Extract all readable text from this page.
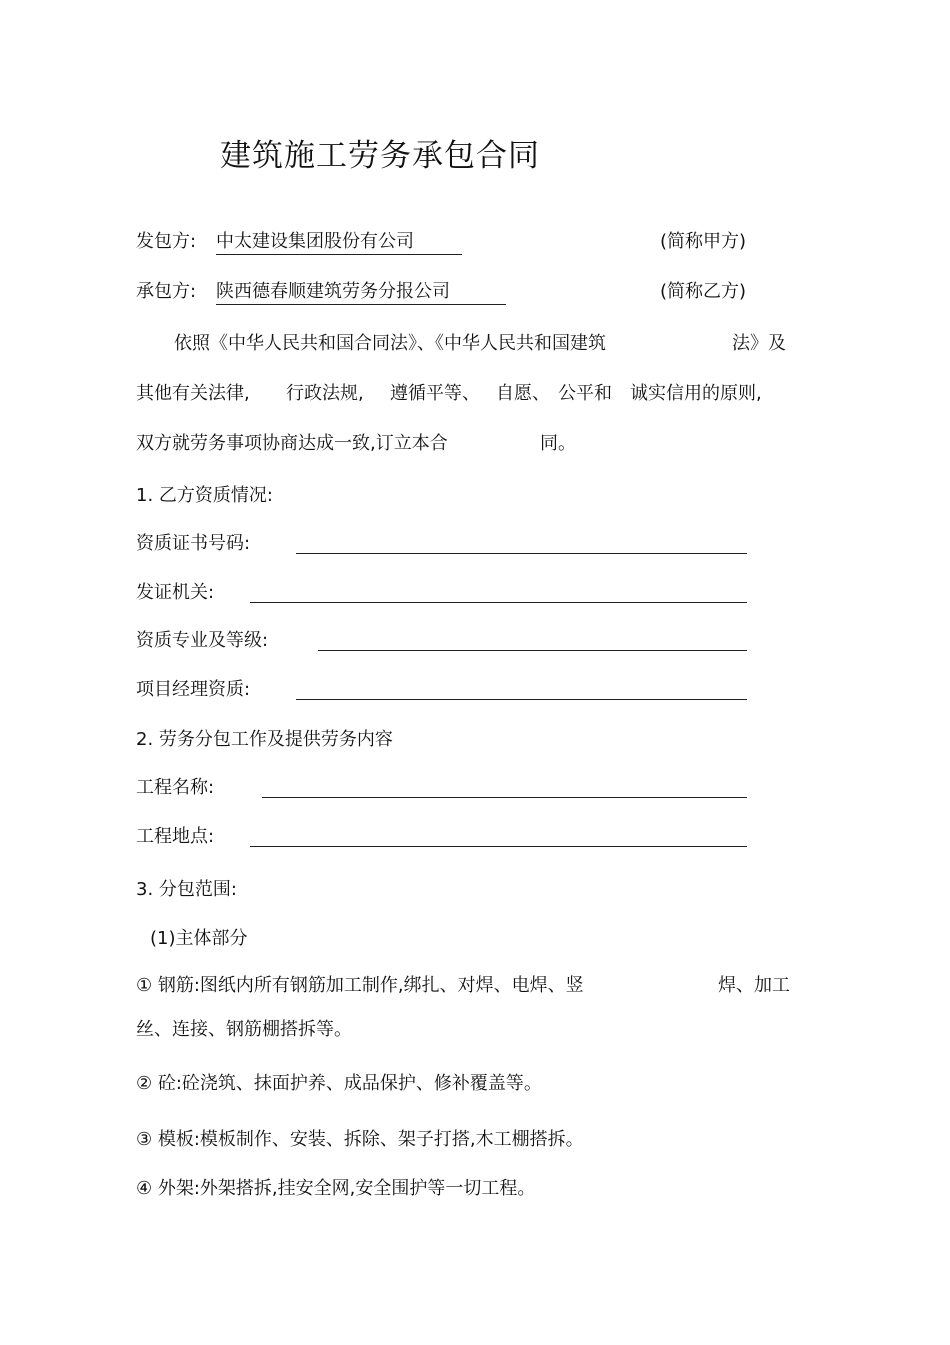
建筑施工劳务承包合同
发包方: 中太建设集团股份有公司	(简称甲方)
承包方: 陕西德春顺建筑劳务分报公司	(简称乙方)
依照《中华人民共和国合同法》、《中华人民共和国建筑	法》及
其他有关法律, 行政法规, 遵循平等、 自愿、 公平和 诚实信用的原则,
双方就劳务事项协商达成一致,订立本合	同。
1. 乙方资质情况:
资质证书号码:
发证机关:
资质专业及等级:
项目经理资质:
2. 劳务分包工作及提供劳务内容
工程名称:
工程地点:
3. 分包范围:
(1)主体部分
① 钢筋:图纸内所有钢筋加工制作,绑扎、对焊、电焊、竖	焊、加工
丝、连接、钢筋棚搭拆等。
② 砼:砼浇筑、抹面护养、成品保护、修补覆盖等。
③ 模板:模板制作、安装、拆除、架子打搭,木工棚搭拆。
④ 外架:外架搭拆,挂安全网,安全围护等一切工程。
